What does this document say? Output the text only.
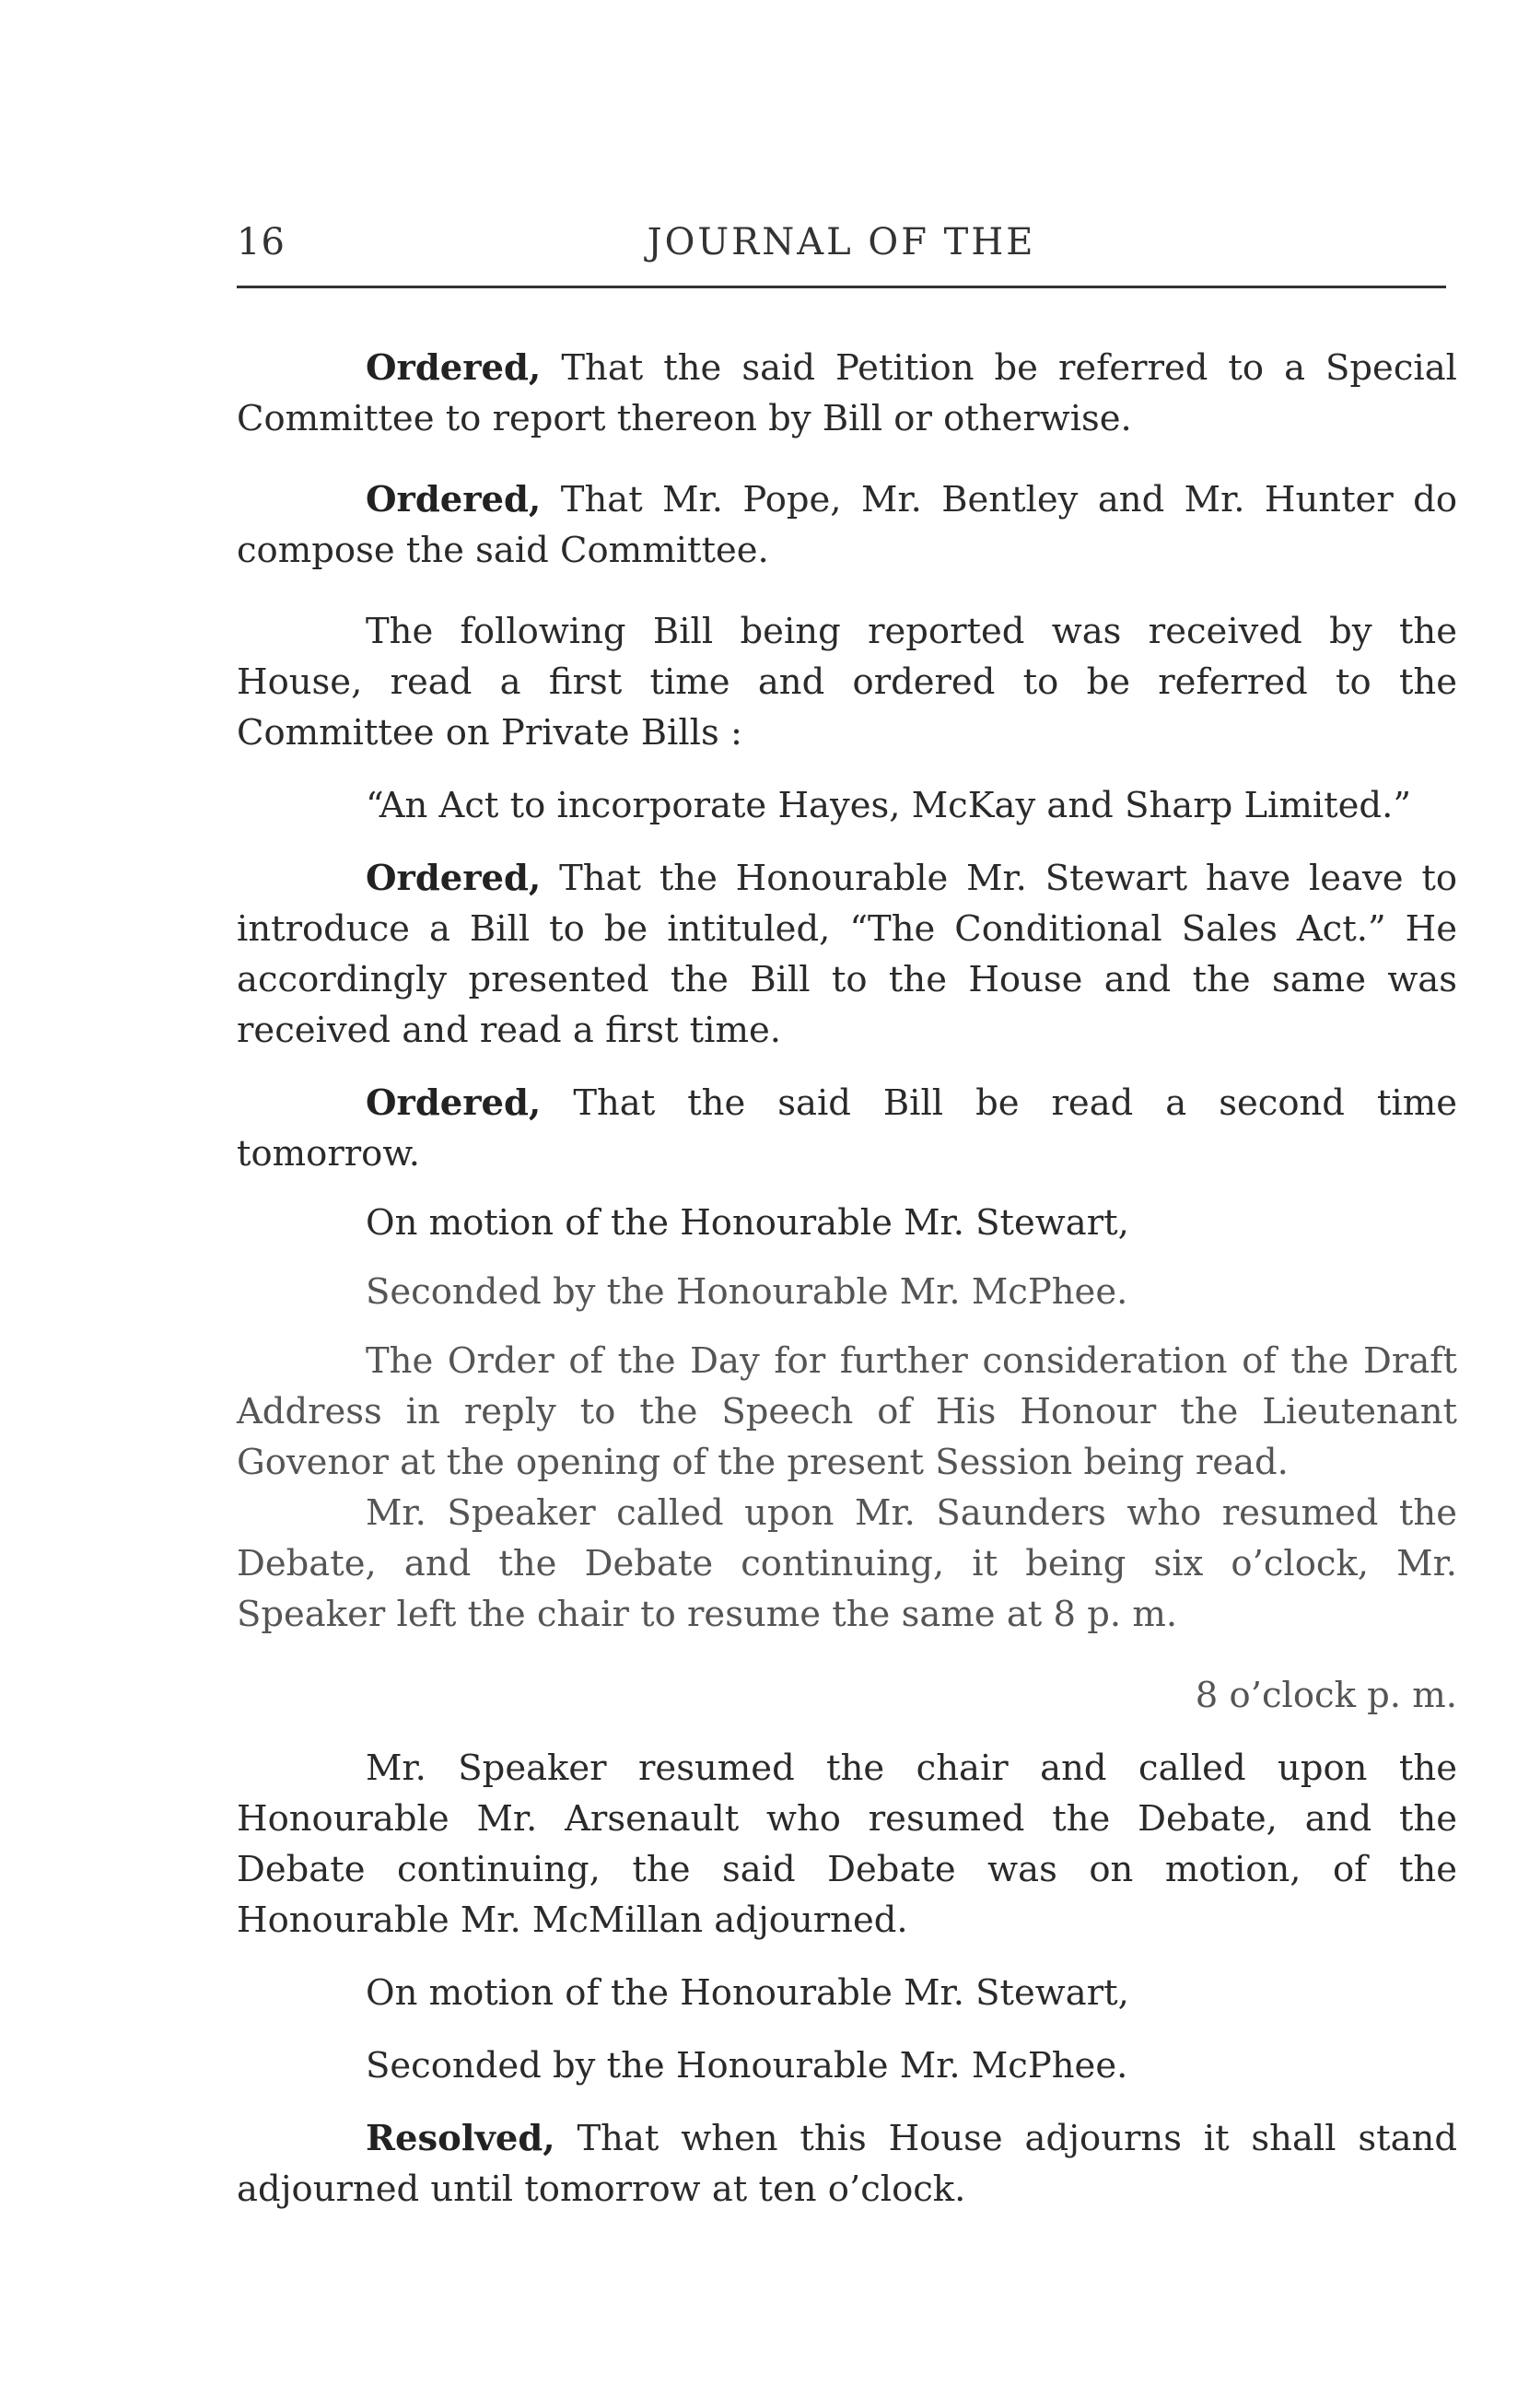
16	JOURNAL OF THE

Ordered, That the said Petition be referred to a Special Committee to report thereon by Bill or otherwise.

Ordered, That Mr. Pope, Mr. Bentley and Mr. Hunter do compose the said Committee.

The following Bill being reported was received by the House, read a first time and ordered to be referred to the Committee on Private Bills :

“An Act to incorporate Hayes, McKay and Sharp Limited.”

Ordered, That the Honourable Mr. Stewart have leave to introduce a Bill to be intituled, “The Conditional Sales Act.” He accordingly presented the Bill to the House and the same was received and read a first time.

Ordered, That the said Bill be read a second time tomorrow.

On motion of the Honourable Mr. Stewart,

Seconded by the Honourable Mr. McPhee.

The Order of the Day for further consideration of the Draft Address in reply to the Speech of His Honour the Lieutenant Govenor at the opening of the present Session being read.

Mr. Speaker called upon Mr. Saunders who resumed the Debate, and the Debate continuing, it being six o’clock, Mr. Speaker left the chair to resume the same at 8 p. m.

8 o’clock p. m.

Mr. Speaker resumed the chair and called upon the Honourable Mr. Arsenault who resumed the Debate, and the Debate continuing, the said Debate was on motion, of the Honourable Mr. McMillan adjourned.

On motion of the Honourable Mr. Stewart,

Seconded by the Honourable Mr. McPhee.

Resolved, That when this House adjourns it shall stand adjourned until tomorrow at ten o’clock.
